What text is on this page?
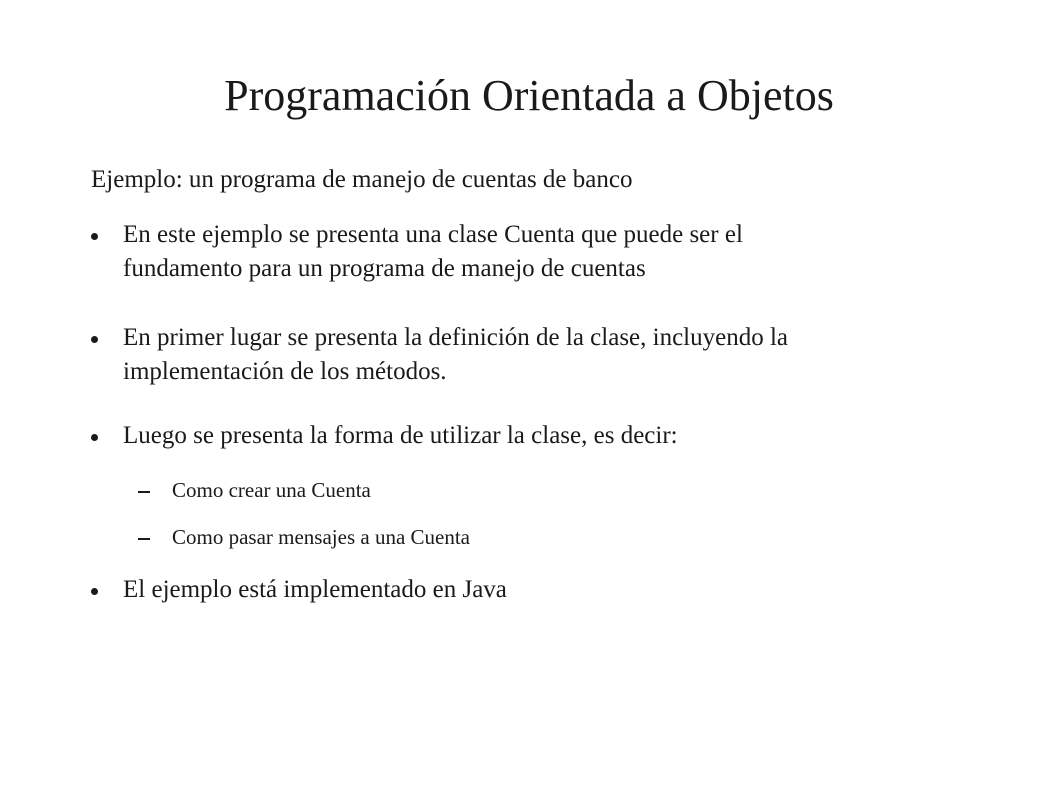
Programación Orientada a Objetos

Ejemplo: un programa de manejo de cuentas de banco

En este ejemplo se presenta una clase Cuenta que puede ser el
fundamento para un programa de manejo de cuentas
En primer lugar se presenta la definición de la clase, incluyendo la
implementación de los métodos.
Luego se presenta la forma de utilizar la clase, es decir:
Como crear una Cuenta
Como pasar mensajes a una Cuenta
El ejemplo está implementado en Java
